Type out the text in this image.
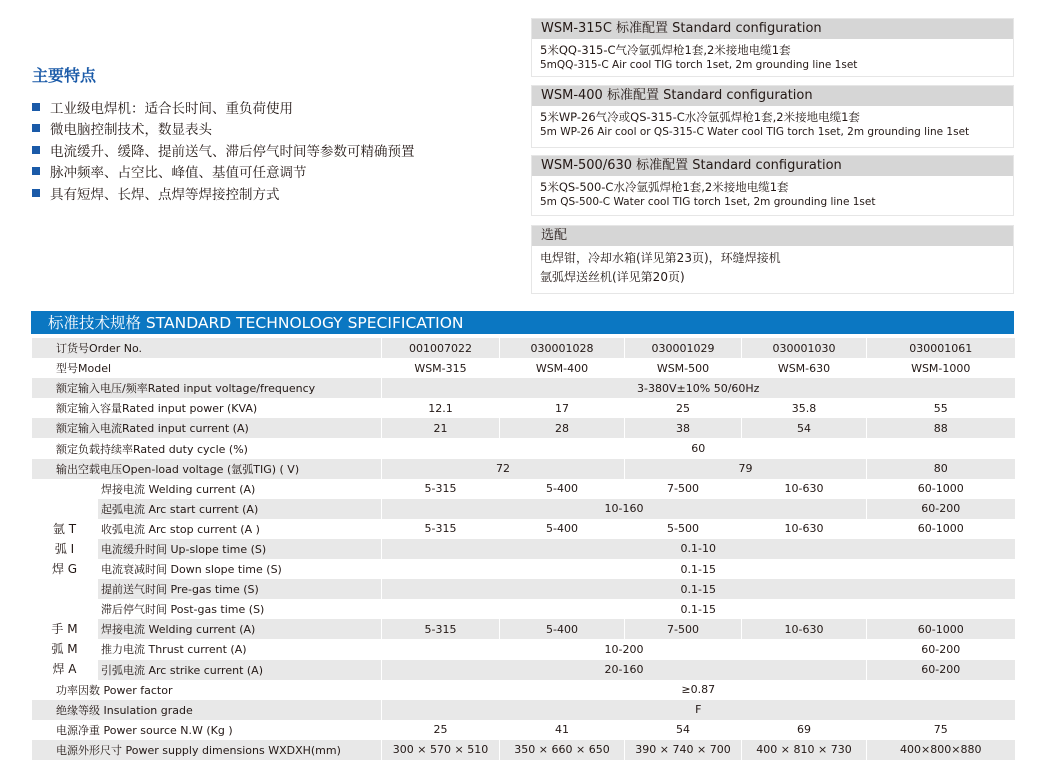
主要特点
工业级电焊机：适合长时间、重负荷使用
微电脑控制技术，数显表头
电流缓升、缓降、提前送气、滞后停气时间等参数可精确预置
脉冲频率、占空比、峰值、基值可任意调节
具有短焊、长焊、点焊等焊接控制方式
WSM-315C 标准配置 Standard configuration
5米QQ-315-C气冷氩弧焊枪1套,2米接地电缆1套
5mQQ-315-C Air cool TIG torch 1set, 2m grounding line 1set
WSM-400 标准配置 Standard configuration
5米WP-26气冷或QS-315-C水冷氩弧焊枪1套,2米接地电缆1套
5m WP-26 Air cool or QS-315-C Water cool TIG torch 1set, 2m grounding line 1set
WSM-500/630 标准配置 Standard configuration
5米QS-500-C水冷氩弧焊枪1套,2米接地电缆1套
5m QS-500-C Water cool TIG torch 1set, 2m grounding line 1set
选配
电焊钳，冷却水箱(详见第23页)，环缝焊接机
氩弧焊送丝机(详见第20页)
标准技术规格 STANDARD TECHNOLOGY SPECIFICATION
订货号Order No.		001007022	030001028	030001029	030001030	030001061
型号Model		WSM-315	WSM-400	WSM-500	WSM-630	WSM-1000
额定输入电压/频率Rated input voltage/frequency		3-380V±10% 50/60Hz				
额定输入容量Rated input power (KVA)		12.1	17	25	35.8	55
额定输入电流Rated input current (A)		21	28	38	54	88
额定负载持续率Rated duty cycle (%)		60				
输出空载电压Open-load voltage (氩弧TIG) ( V)		72		79		80

氩 T
弧 I
焊 G	焊接电流 Welding current (A)	5-315	5-400	7-500	10-630	60-1000
	起弧电流 Arc start current (A)	10-160				60-200
	收弧电流 Arc stop current (A )	5-315	5-400	5-500	10-630	60-1000
	电流缓升时间 Up-slope time (S)	0.1-10				
	电流衰减时间 Down slope time (S)	0.1-15				
	提前送气时间 Pre-gas time (S)	0.1-15				
	滞后停气时间 Post-gas time (S)	0.1-15				

手 M
弧 M
焊 A	焊接电流 Welding current (A)	5-315	5-400	7-500	10-630	60-1000
	推力电流 Thrust current (A)	10-200				60-200
	引弧电流 Arc strike current (A)	20-160				60-200
功率因数 Power factor		≥0.87				
绝缘等级 Insulation grade		F				
电源净重 Power source N.W (Kg )		25	41	54	69	75
电源外形尺寸 Power supply dimensions WXDXH(mm)		300 × 570 × 510	350 × 660 × 650	390 × 740 × 700	400 × 810 × 730	400×800×880
